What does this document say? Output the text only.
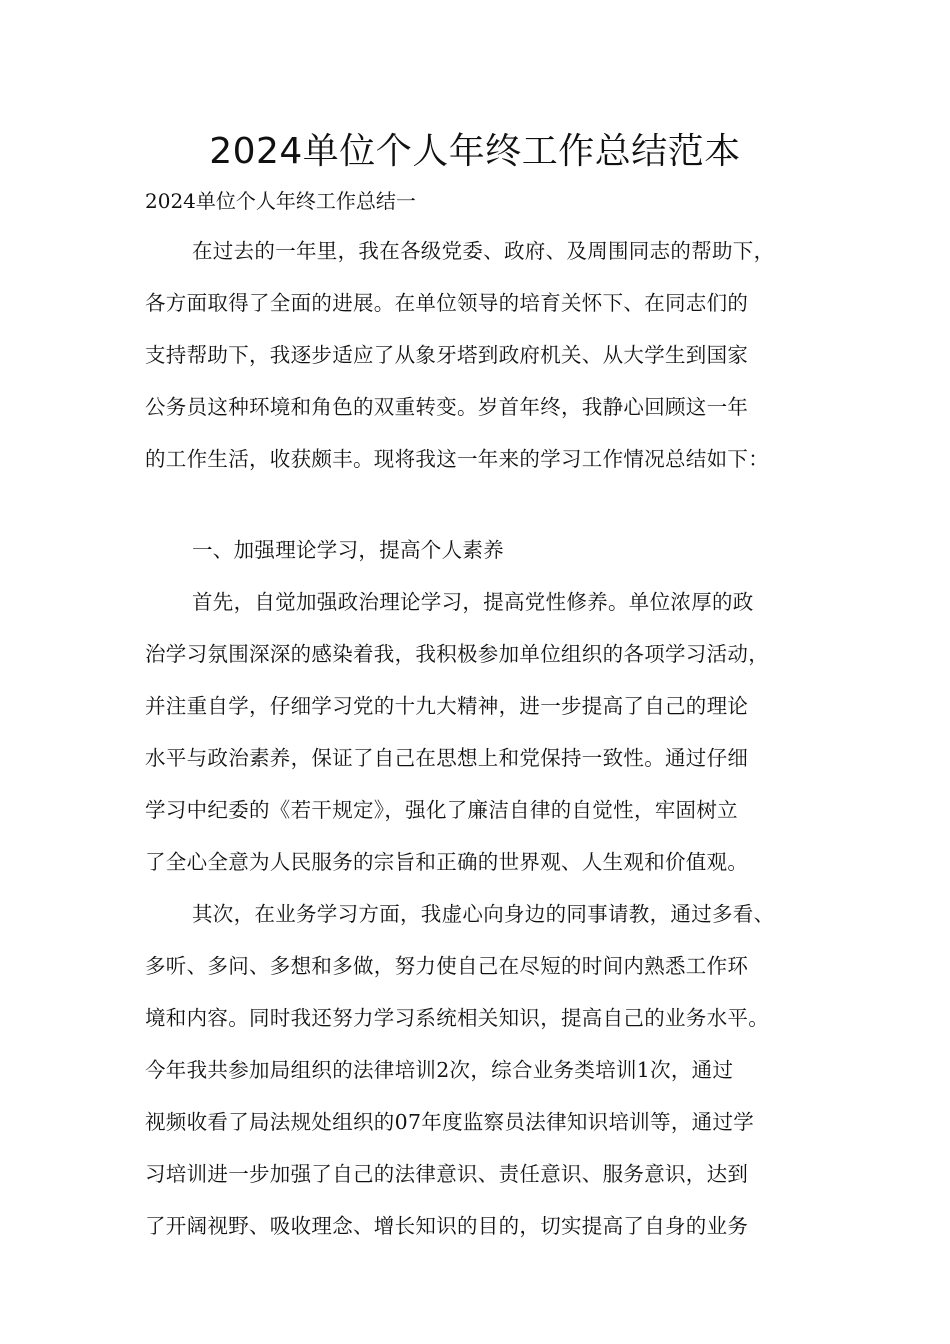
2024单位个人年终工作总结范本

2024单位个人年终工作总结一

在过去的一年里，我在各级党委、政府、及周围同志的帮助下，

各方面取得了全面的进展。在单位领导的培育关怀下、在同志们的

支持帮助下，我逐步适应了从象牙塔到政府机关、从大学生到国家

公务员这种环境和角色的双重转变。岁首年终，我静心回顾这一年

的工作生活，收获颇丰。现将我这一年来的学习工作情况总结如下：

一、加强理论学习，提高个人素养

首先，自觉加强政治理论学习，提高党性修养。单位浓厚的政

治学习氛围深深的感染着我，我积极参加单位组织的各项学习活动，

并注重自学，仔细学习党的十九大精神，进一步提高了自己的理论

水平与政治素养，保证了自己在思想上和党保持一致性。通过仔细

学习中纪委的《若干规定》，强化了廉洁自律的自觉性，牢固树立

了全心全意为人民服务的宗旨和正确的世界观、人生观和价值观。

其次，在业务学习方面，我虚心向身边的同事请教，通过多看、

多听、多问、多想和多做，努力使自己在尽短的时间内熟悉工作环

境和内容。同时我还努力学习系统相关知识，提高自己的业务水平。

今年我共参加局组织的法律培训2次，综合业务类培训1次，通过

视频收看了局法规处组织的07年度监察员法律知识培训等，通过学

习培训进一步加强了自己的法律意识、责任意识、服务意识，达到

了开阔视野、吸收理念、增长知识的目的，切实提高了自身的业务
